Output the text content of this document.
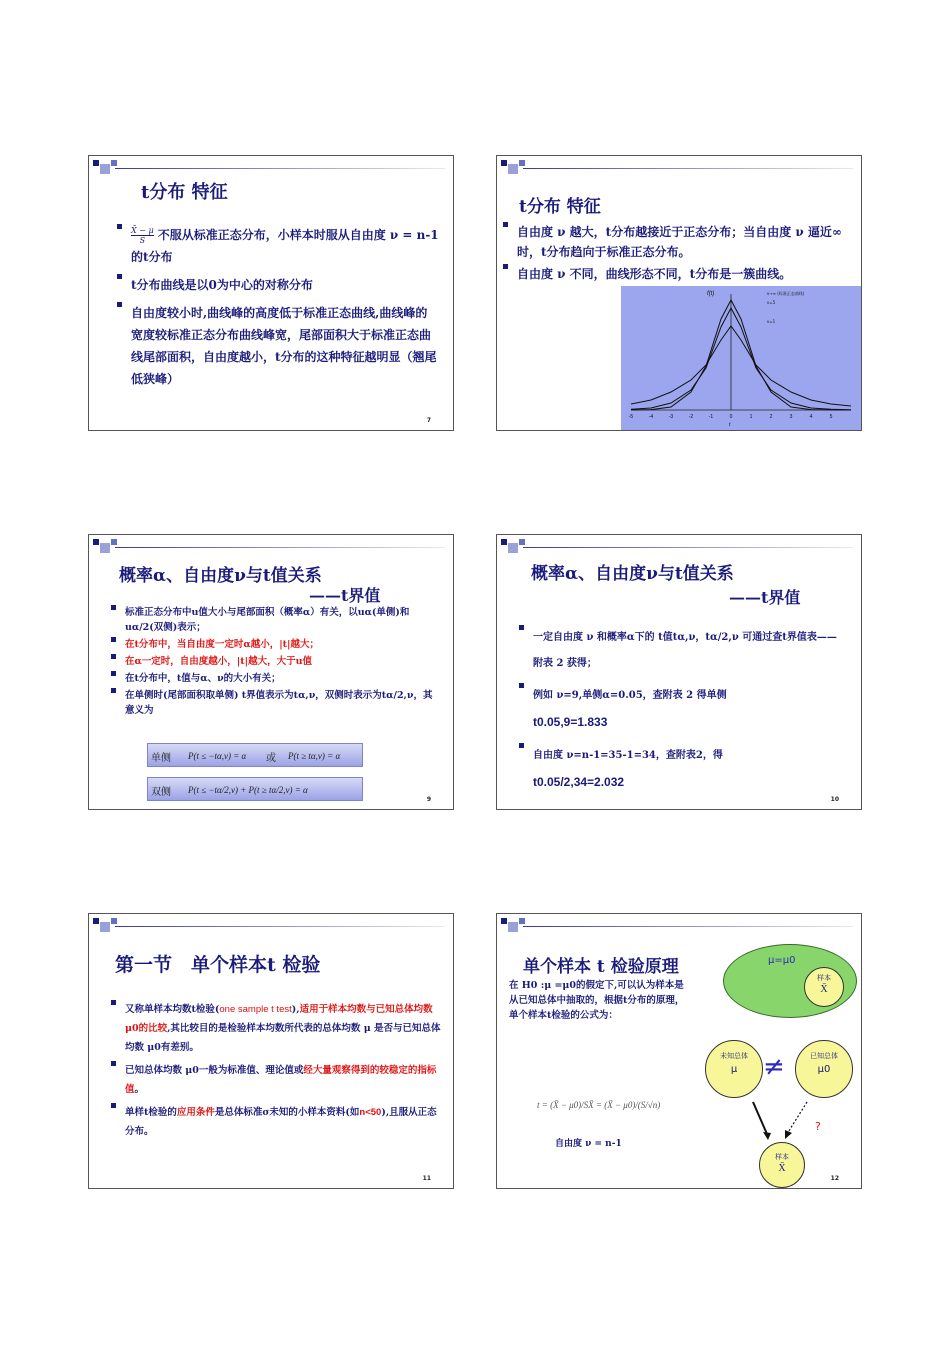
t分布 特征
$\frac{X̄ - \mu}{S}$ 不服从标准正态分布，小样本时服从自由度 ν = n-1的t分布
t分布曲线是以0为中心的对称分布
自由度较小时,曲线峰的高度低于标准正态曲线,曲线峰的宽度较标准正态分布曲线峰宽，尾部面积大于标准正态曲线尾部面积，自由度越小，t分布的这种特征越明显（翘尾低狭峰）
7
t分布 特征
自由度 ν 越大，t分布越接近于正态分布；当自由度 ν 逼近∞时，t分布趋向于标准正态分布。
自由度 ν 不同，曲线形态不同，t分布是一簇曲线。
-5	-4	-3	-2	-1	0	1	2	3	4	5
f(t)
t
ν→∞ (标准正态曲线)
ν=5
ν=1
概率α、自由度ν与t值关系
——t界值
标准正态分布中u值大小与尾部面积（概率α）有关，以uα(单侧)和uα/2(双侧)表示；
在t分布中，当自由度一定时α越小，|t|越大；
在α一定时，自由度越小，|t|越大，大于u值
在t分布中，t值与α、ν的大小有关；
在单侧时(尾部面积取单侧) t界值表示为tα,ν，双侧时表示为tα/2,ν，其意义为
单侧 P(t ≤ −tα,ν) = α 或 P(t ≥ tα,ν) = α
双侧 P(t ≤ −tα/2,ν) + P(t ≥ tα/2,ν) = α
9
概率α、自由度ν与t值关系
——t界值
一定自由度 ν 和概率α下的 t值tα,ν，tα/2,ν 可通过查t界值表——附表 2 获得；
例如 ν=9,单侧α=0.05，查附表 2 得单侧
t0.05,9=1.833
自由度 ν=n-1=35-1=34，查附表2，得
t0.05/2,34=2.032
10
第一节　单个样本t 检验
又称单样本均数t检验(one sample t test),适用于样本均数与已知总体均数 μ0的比较,其比较目的是检验样本均数所代表的总体均数 μ 是否与已知总体均数 μ0有差别。
已知总体均数 μ0一般为标准值、理论值或经大量观察得到的较稳定的指标值。
单样t检验的应用条件是总体标准σ未知的小样本资料(如n<50),且服从正态分布。
11
单个样本 t 检验原理
在 H0 :μ =μ0的假定下,可以认为样本是从已知总体中抽取的，根据t分布的原理，单个样本t检验的公式为：
t = (X̄ − μ0)/SX̄ = (X̄ − μ0)/(S/√n)
自由度 ν = n-1
μ=μ0
样本
X̄
未知总体
μ ≠	已知总体
μ0
?
样本
X̄
12
